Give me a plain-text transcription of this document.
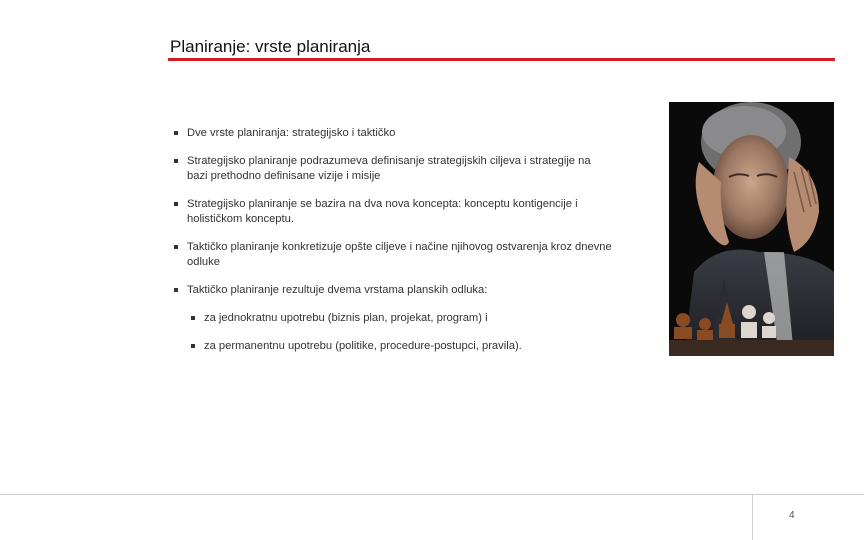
Planiranje: vrste planiranja
Dve vrste planiranja: strategijsko i taktičko
Strategijsko planiranje podrazumeva definisanje strategijskih ciljeva i strategije na bazi prethodno definisane vizije i misije
Strategijsko planiranje se bazira na dva nova koncepta: konceptu kontigencije i holističkom konceptu.
Taktičko planiranje konkretizuje opšte ciljeve i načine njihovog ostvarenja kroz dnevne odluke
Taktičko planiranje rezultuje dvema vrstama planskih odluka:
za jednokratnu upotrebu (biznis plan, projekat, program) i
za permanentnu upotrebu (politike, procedure-postupci, pravila).
4
